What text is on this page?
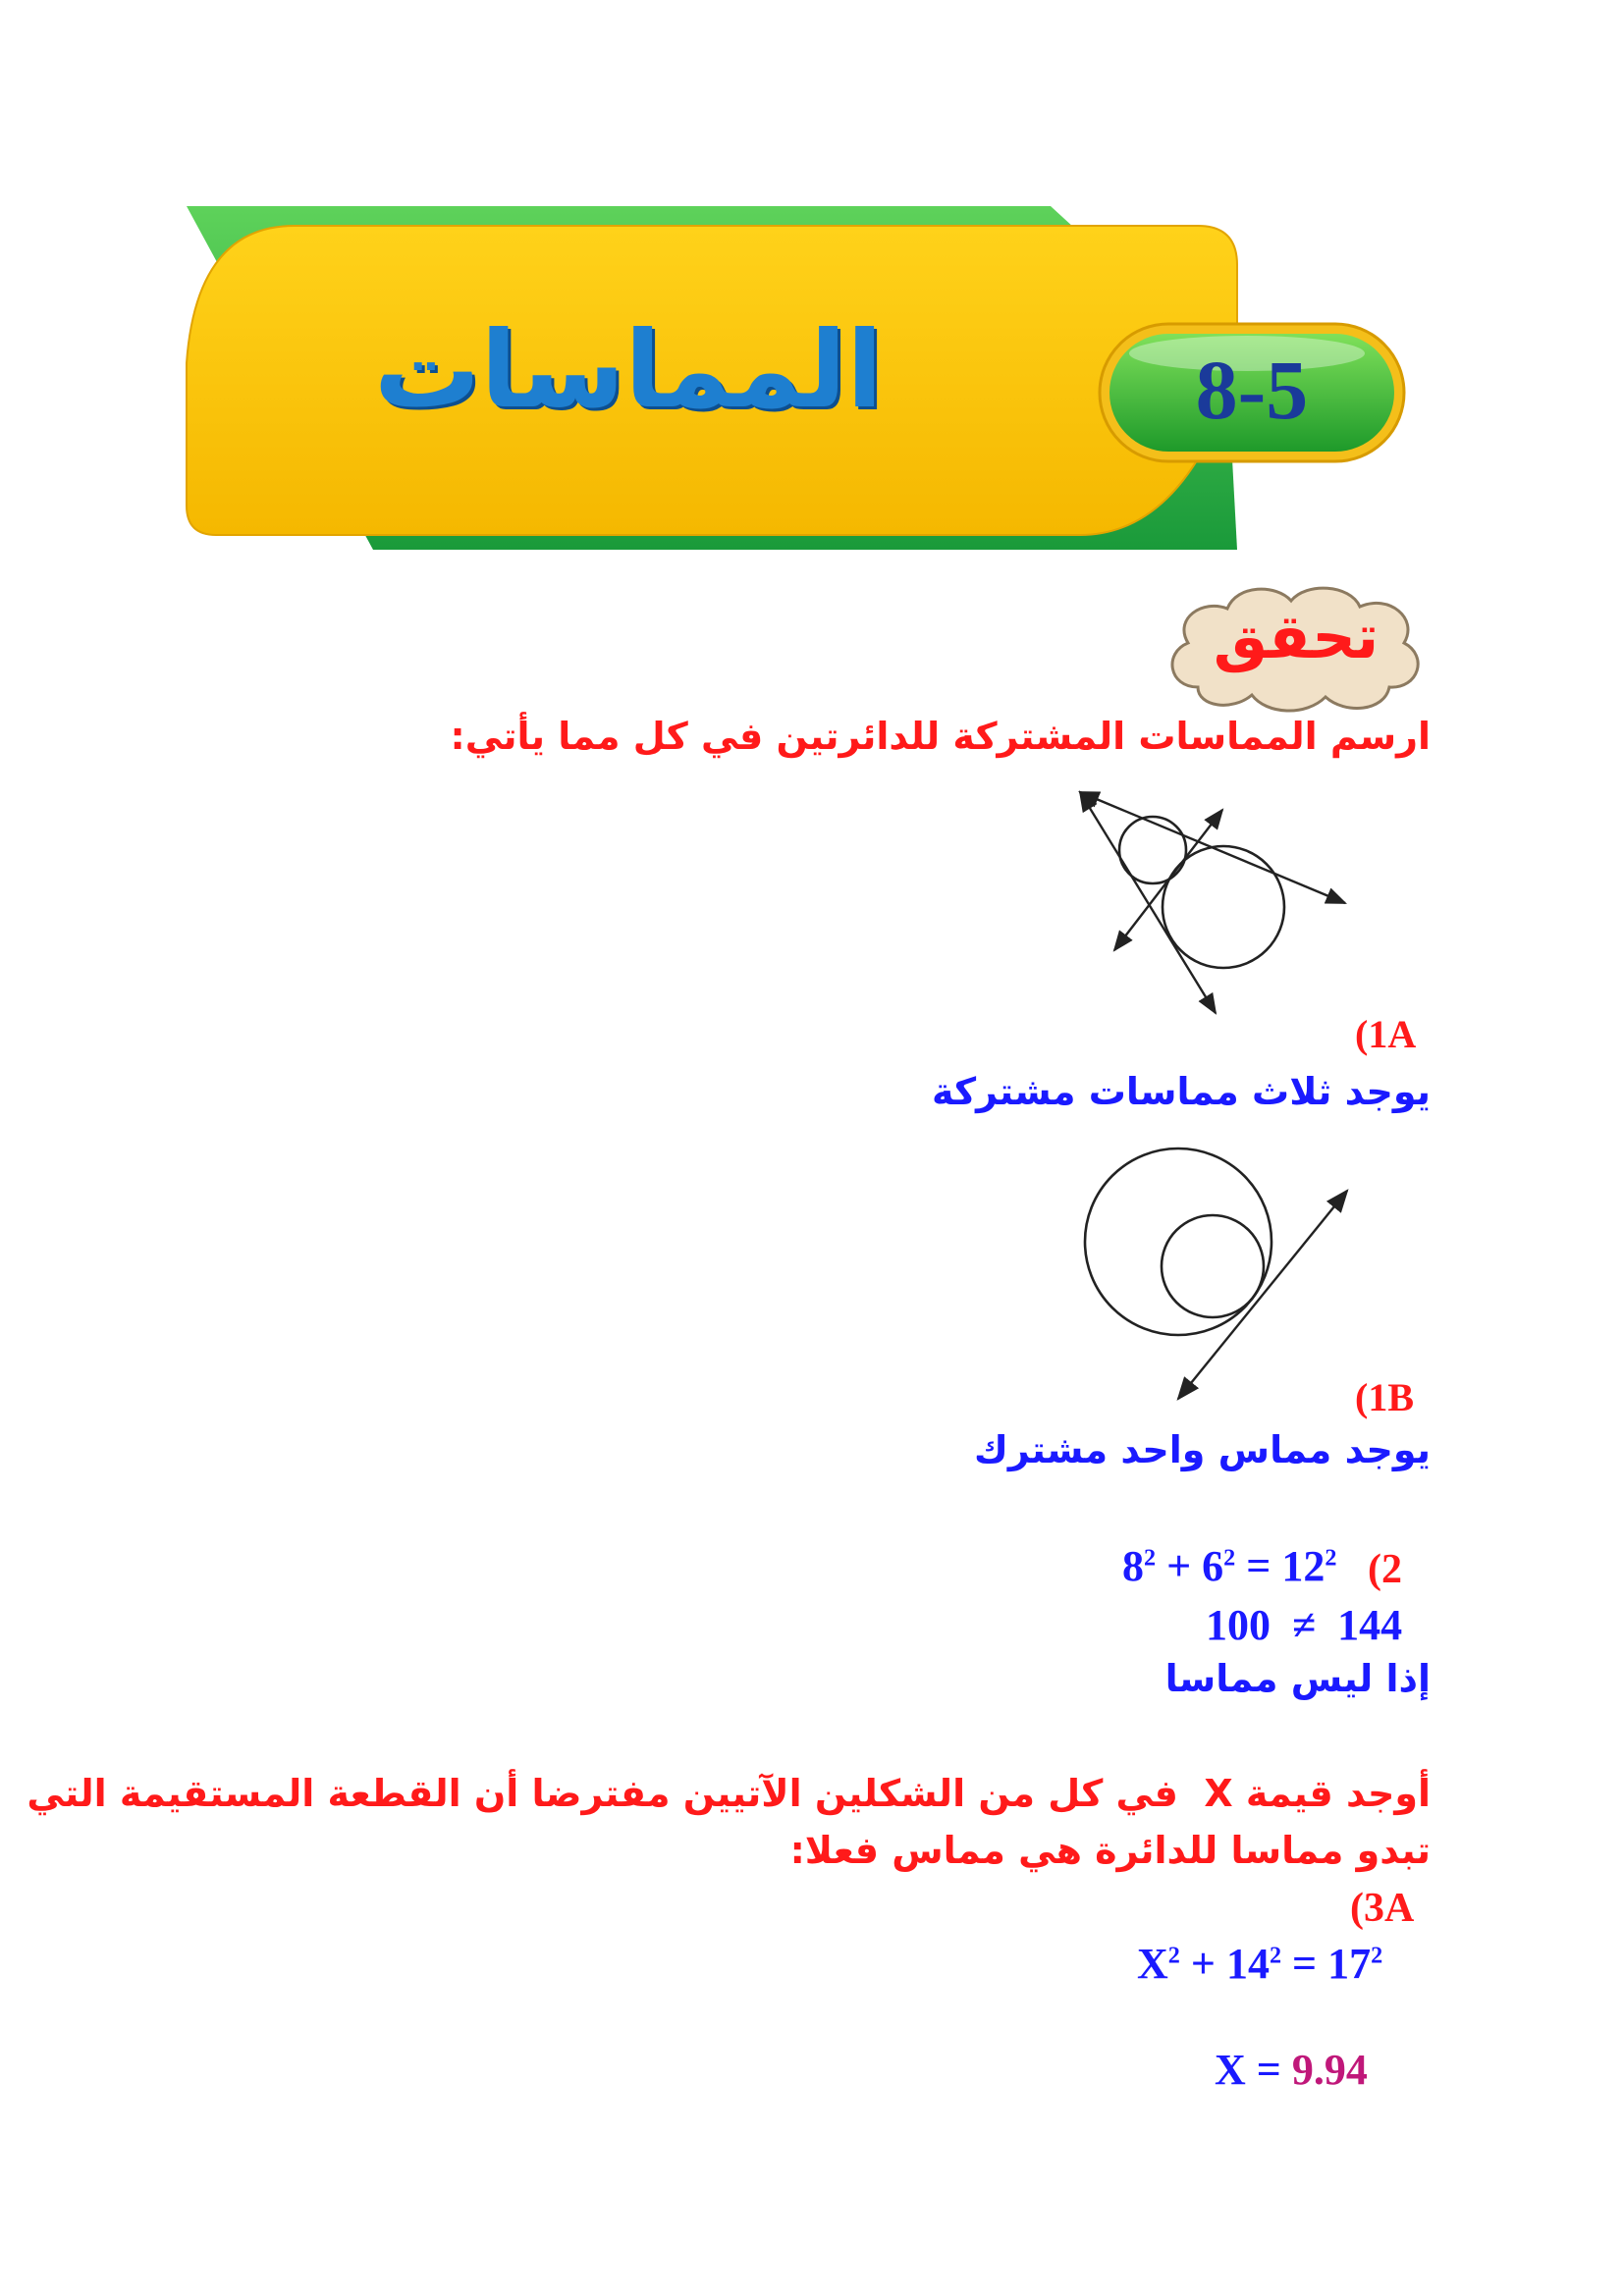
المماسات	8-5
تحقق
ارسم المماسات المشتركة للدائرتين في كل مما يأتي:
(1A
يوجد ثلاث مماسات مشتركة
(1B
يوجد مماس واحد مشترك
(2
$8^2 + 6^2 = 12^2$
100  ≠  144
إذا ليس مماسا
أوجد قيمة X  في كل من الشكلين الآتيين مفترضا أن القطعة المستقيمة التي
تبدو مماسا للدائرة هي مماس فعلا:
(3A
$X^2 + 14^2 = 17^2$

X = 9.94
